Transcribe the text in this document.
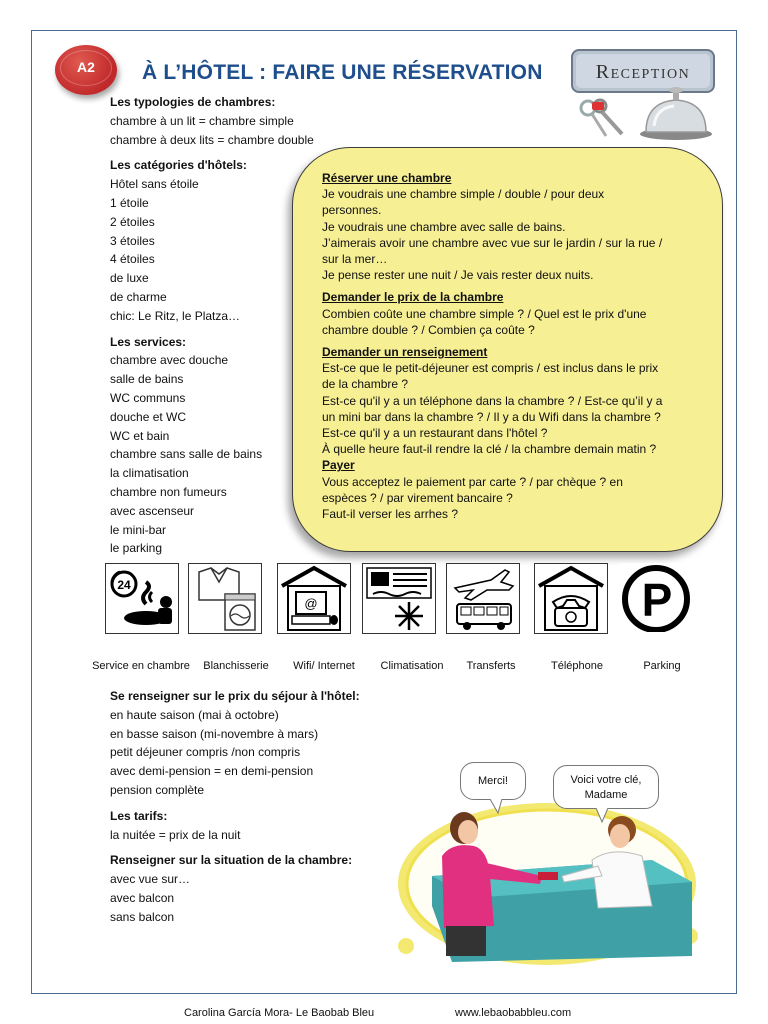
A2	À L’HÔTEL : FAIRE UNE RÉSERVATION	Reception
Les typologies de chambres:
chambre à un lit = chambre simple
chambre à deux lits = chambre double
Les catégories d'hôtels:
Hôtel sans étoile
1 étoile
2 étoiles
3 étoiles
4 étoiles
de luxe
de charme
chic: Le Ritz, le Platza…
Les services:
chambre avec douche
salle de bains
WC communs
douche et WC
WC et bain
chambre sans salle de bains
la climatisation
chambre non fumeurs
avec ascenseur
le mini-bar
le parking
Réserver une chambre
Je voudrais une chambre simple / double / pour deux
personnes.
Je voudrais une chambre avec salle de bains.
J’aimerais avoir une chambre avec vue sur le jardin / sur la rue /
sur la mer…
Je pense rester une nuit / Je vais rester deux nuits.
Demander le prix de la chambre
Combien coûte une chambre simple ? / Quel est le prix d'une
chambre double ? / Combien ça coûte ?
Demander un renseignement
Est-ce que le petit-déjeuner est compris / est inclus dans le prix
de la chambre ?
Est-ce qu'il y a un téléphone dans la chambre ? / Est-ce qu’il y a
un mini bar dans la chambre ? / Il y a du Wifi dans la chambre ?
Est-ce qu'il y a un restaurant dans l'hôtel ?
À quelle heure faut-il rendre la clé / la chambre demain matin ?
Payer
Vous acceptez le paiement par carte ? / par chèque ? en
espèces ? / par virement bancaire ?
Faut-il verser les arrhes ?
24
@	P
Service en chambre	Blanchisserie	Wifi/ Internet	Climatisation	Transferts	Téléphone	Parking
Se renseigner sur le prix du séjour à l'hôtel:
en haute saison (mai à octobre)
en basse saison (mi-novembre à mars)
petit déjeuner compris /non compris
avec demi-pension = en demi-pension
pension complète
Les tarifs:
la nuitée = prix de la nuit
Renseigner sur la situation de la chambre:
avec vue sur…
avec balcon
sans balcon
Merci!	Voici votre clé,
Madame
Carolina García Mora- Le Baobab Bleu	www.lebaobabbleu.com
